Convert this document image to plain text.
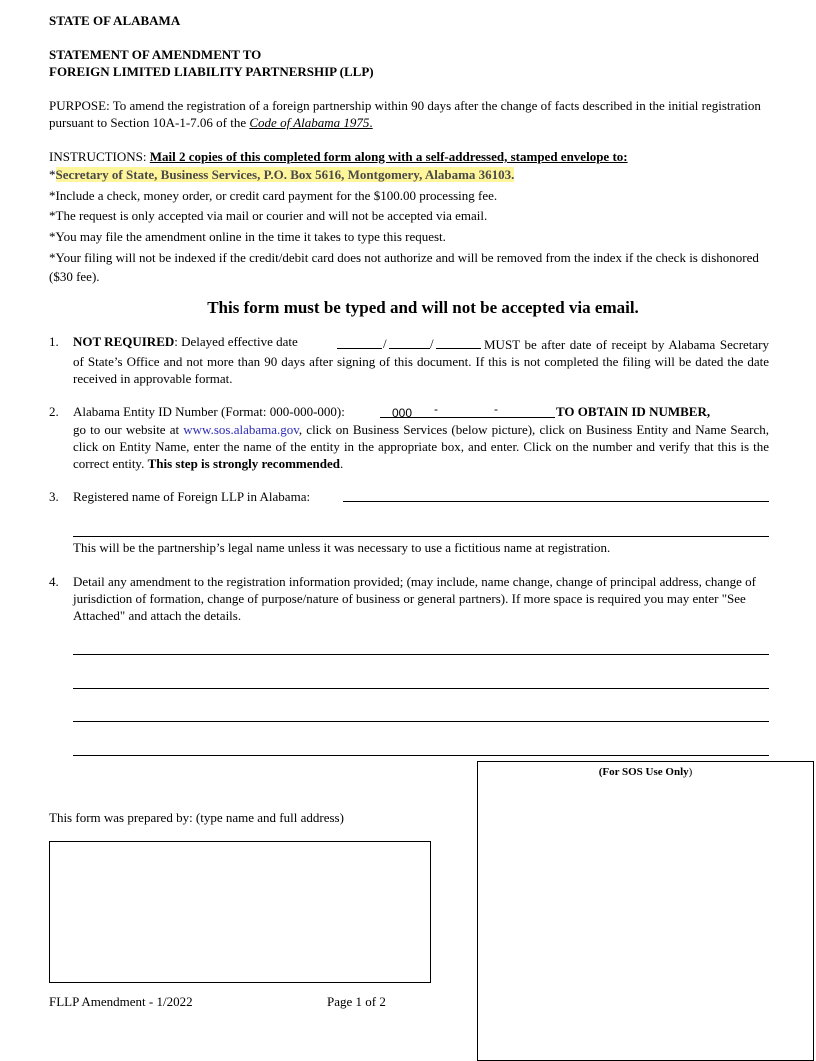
STATE OF ALABAMA
STATEMENT OF AMENDMENT TO
FOREIGN LIMITED LIABILITY PARTNERSHIP (LLP)
PURPOSE: To amend the registration of a foreign partnership within 90 days after the change of facts described in the initial registration pursuant to Section 10A-1-7.06 of the Code of Alabama 1975.
INSTRUCTIONS: Mail 2 copies of this completed form along with a self-addressed, stamped envelope to:
*Secretary of State, Business Services, P.O. Box 5616, Montgomery, Alabama 36103.
*Include a check, money order, or credit card payment for the $100.00 processing fee.
*The request is only accepted via mail or courier and will not be accepted via email.
*You may file the amendment online in the time it takes to type this request.
*Your filing will not be indexed if the credit/debit card does not authorize and will be removed from the index if the check is dishonored ($30 fee).
This form must be typed and will not be accepted via email.
1. NOT REQUIRED: Delayed effective date	/	/	MUST be after date of receipt by Alabama Secretary of State’s Office and not more than 90 days after signing of this document. If this is not completed the filing will be dated the date received in approvable format.
2. Alabama Entity ID Number (Format: 000-000-000):	000 -	-	TO OBTAIN ID NUMBER,
go to our website at www.sos.alabama.gov, click on Business Services (below picture), click on Business Entity and Name Search, click on Entity Name, enter the name of the entity in the appropriate box, and enter. Click on the number and verify that this is the correct entity. This step is strongly recommended.
3. Registered name of Foreign LLP in Alabama:
This will be the partnership’s legal name unless it was necessary to use a fictitious name at registration.
4. Detail any amendment to the registration information provided; (may include, name change, change of principal address, change of jurisdiction of formation, change of purpose/nature of business or general partners). If more space is required you may enter "See Attached" and attach the details.
(For SOS Use Only)
This form was prepared by: (type name and full address)
FLLP Amendment - 1/2022	Page 1 of 2
